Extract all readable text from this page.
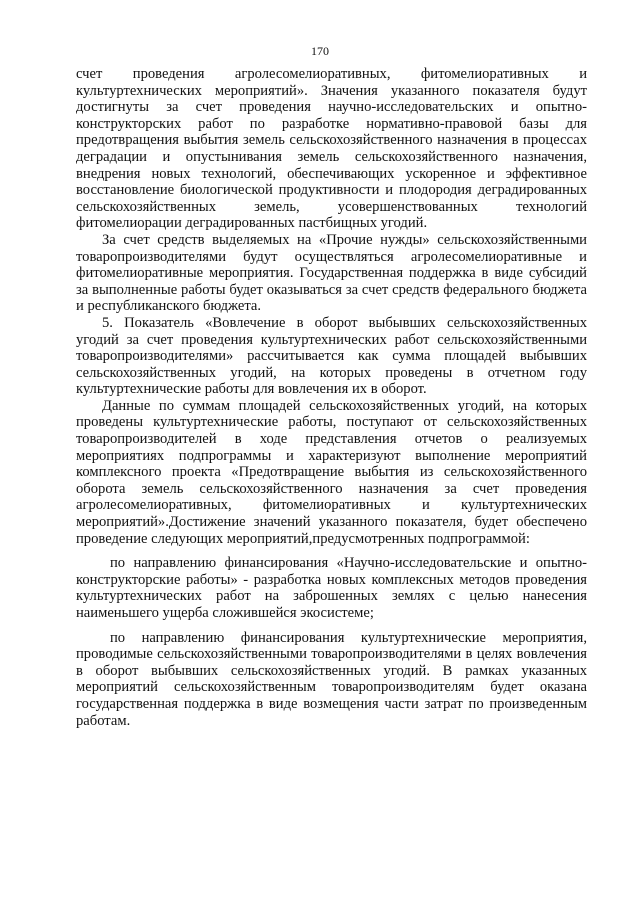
170

счет проведения агролесомелиоративных, фитомелиоративных и культуртехнических мероприятий». Значения указанного показателя будут достигнуты за счет проведения научно-исследовательских и опытно-конструкторских работ по разработке нормативно-правовой базы для предотвращения выбытия земель сельскохозяйственного назначения в процессах деградации и опустынивания земель сельскохозяйственного назначения, внедрения новых технологий, обеспечивающих ускоренное и эффективное восстановление биологической продуктивности и плодородия деградированных сельскохозяйственных земель, усовершенствованных технологий фитомелиорации деградированных пастбищных угодий.

За счет средств выделяемых на «Прочие нужды» сельскохозяйственными товаропроизводителями будут осуществляться агролесомелиоративные и фитомелиоративные мероприятия. Государственная поддержка в виде субсидий за выполненные работы будет оказываться за счет средств федерального бюджета и республиканского бюджета.

5. Показатель «Вовлечение в оборот выбывших сельскохозяйственных угодий за счет проведения культуртехнических работ сельскохозяйственными товаропроизводителями» рассчитывается как сумма площадей выбывших сельскохозяйственных угодий, на которых проведены в отчетном году культуртехнические работы для вовлечения их в оборот.

Данные по суммам площадей сельскохозяйственных угодий, на которых проведены культуртехнические работы, поступают от сельскохозяйственных товаропроизводителей в ходе представления отчетов о реализуемых мероприятиях подпрограммы и характеризуют выполнение мероприятий комплексного проекта «Предотвращение выбытия из сельскохозяйственного оборота земель сельскохозяйственного назначения за счет проведения агролесомелиоративных, фитомелиоративных и культуртехнических мероприятий».Достижение значений указанного показателя, будет обеспечено проведение следующих мероприятий,предусмотренных подпрограммой:

по направлению финансирования «Научно-исследовательские и опытно-конструкторские работы» - разработка новых комплексных методов проведения культуртехнических работ на заброшенных землях с целью нанесения наименьшего ущерба сложившейся экосистеме;

по направлению финансирования культуртехнические мероприятия, проводимые сельскохозяйственными товаропроизводителями в целях вовлечения в оборот выбывших сельскохозяйственных угодий. В рамках указанных мероприятий сельскохозяйственным товаропроизводителям будет оказана государственная поддержка в виде возмещения части затрат по произведенным работам.
